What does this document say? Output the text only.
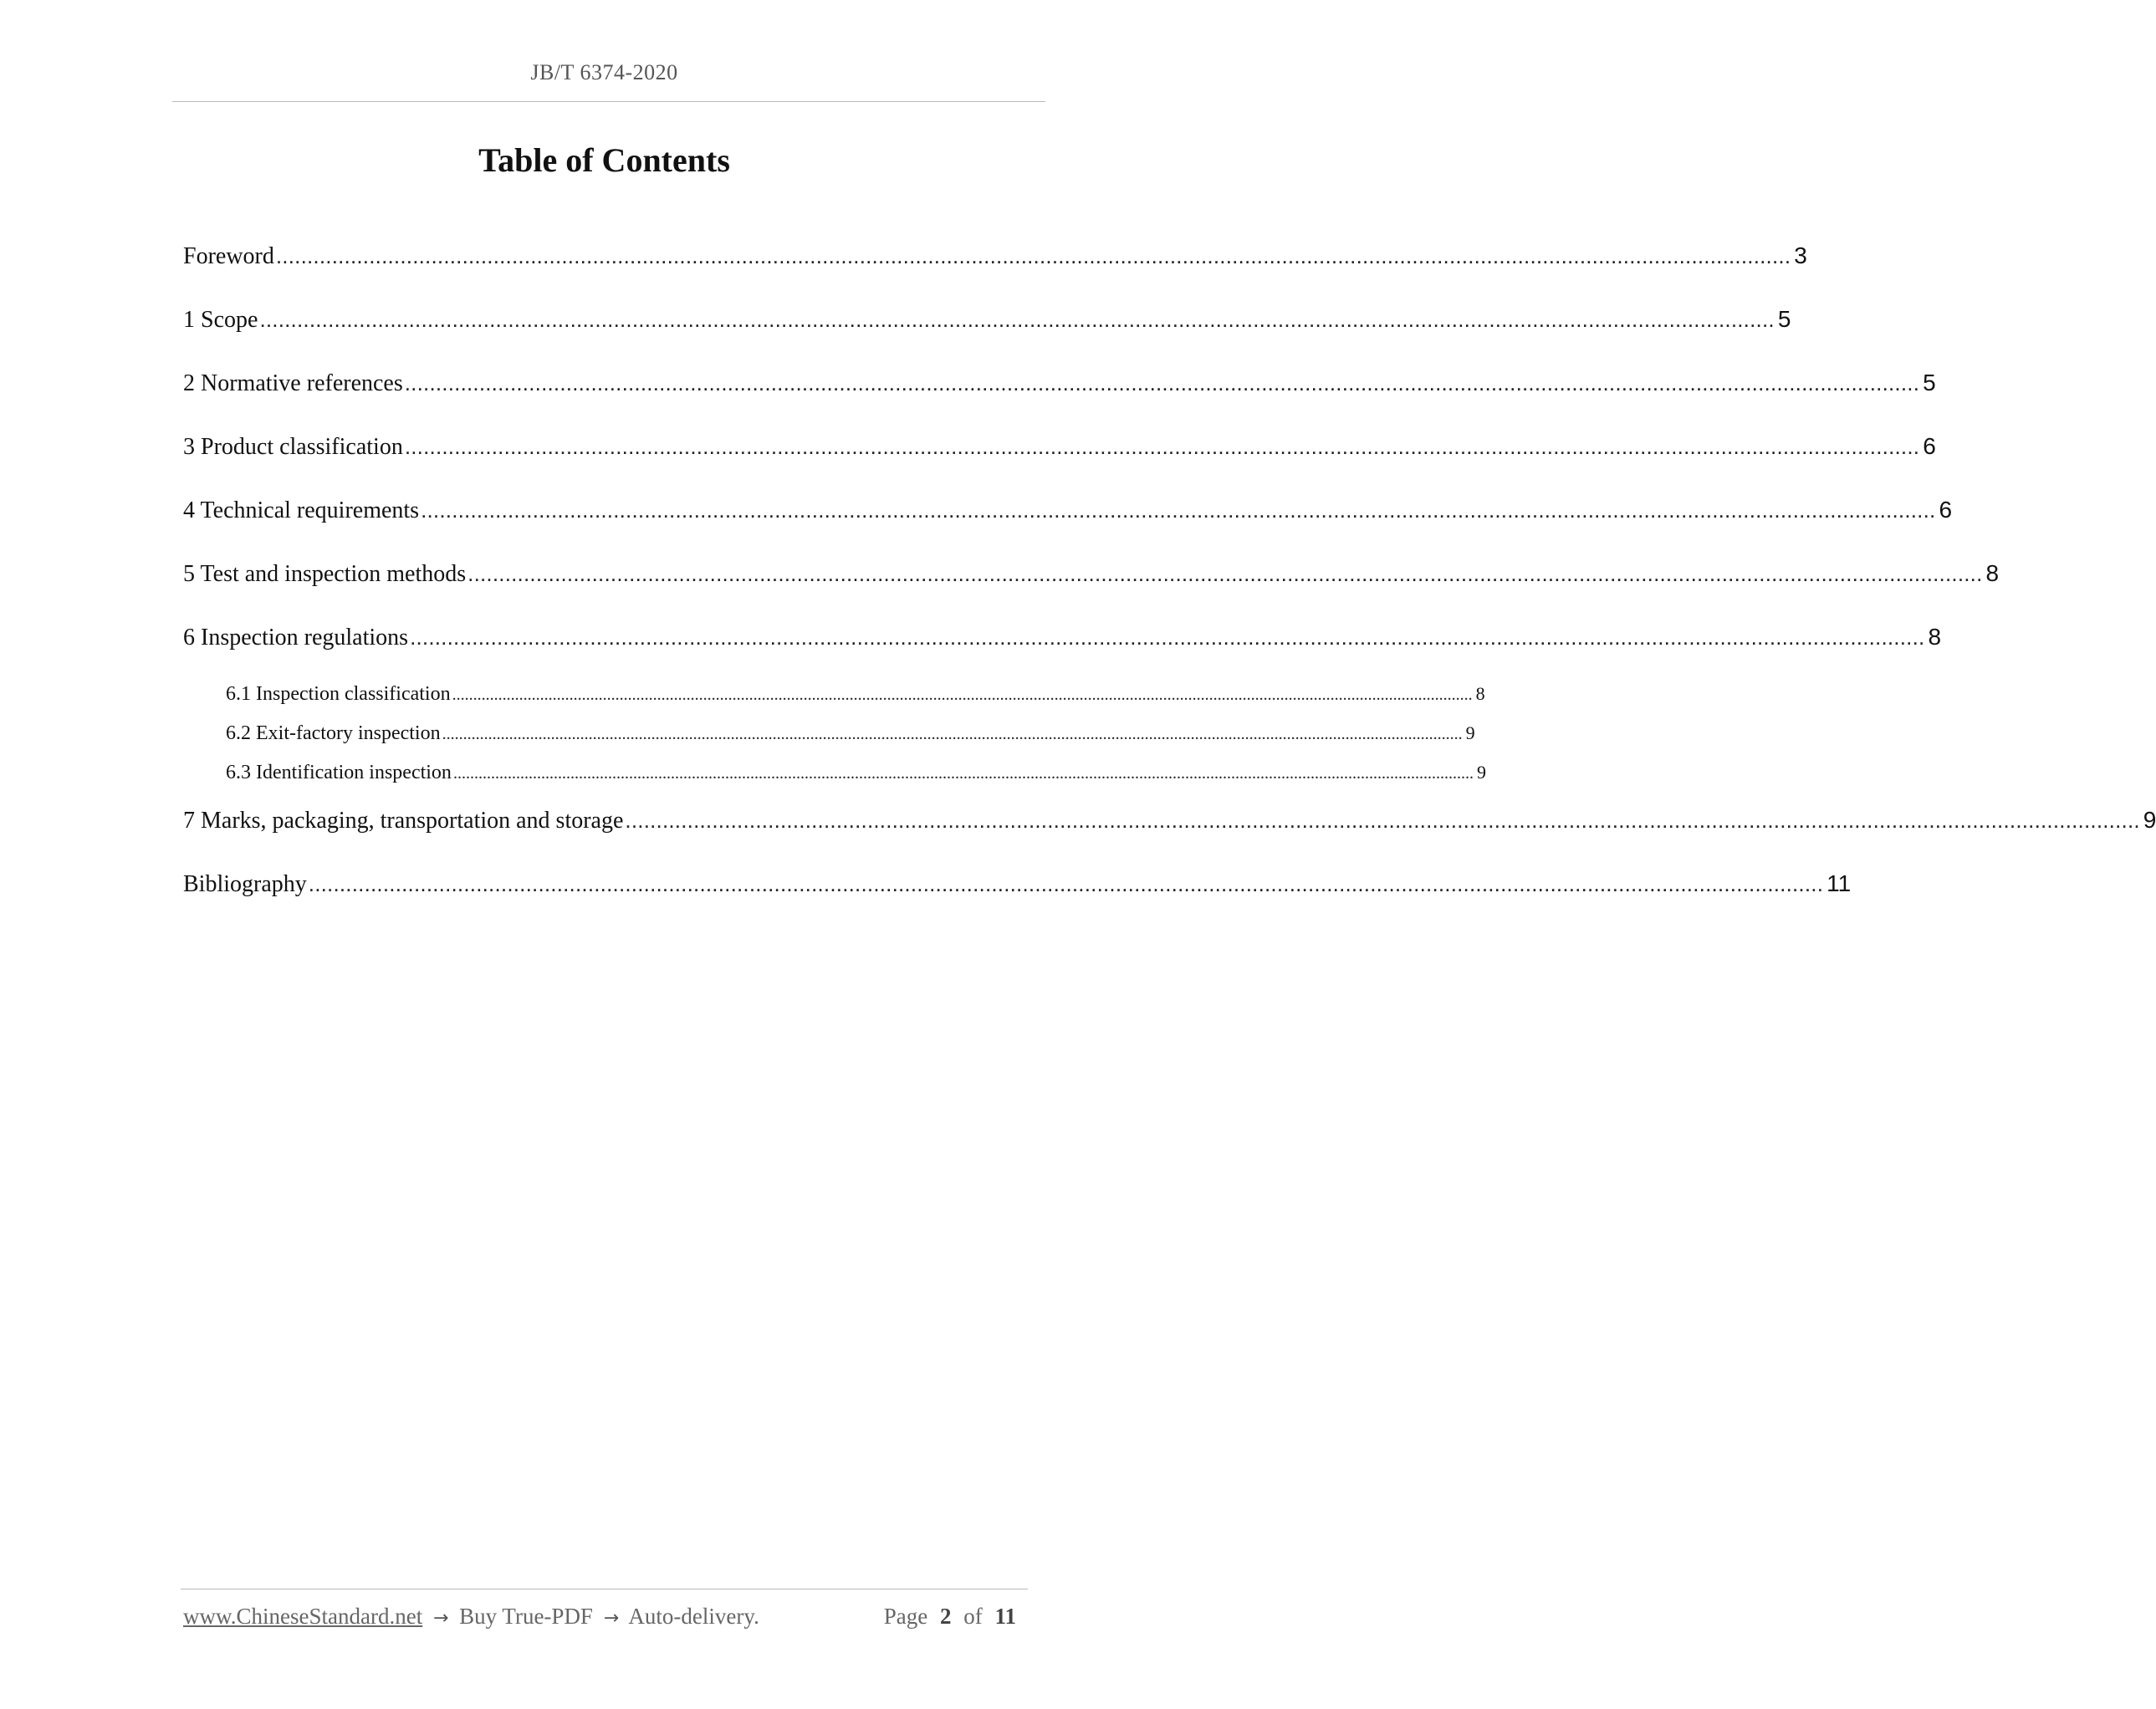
JB/T 6374-2020
Table of Contents
Foreword .................................................................................................................................................................................................................................................... 3
1 Scope .................................................................................................................................................................................................................................................... 5
2 Normative references .................................................................................................................................................................................................................................................... 5
3 Product classification .................................................................................................................................................................................................................................................... 6
4 Technical requirements .................................................................................................................................................................................................................................................... 6
5 Test and inspection methods .................................................................................................................................................................................................................................................... 8
6 Inspection regulations .................................................................................................................................................................................................................................................... 8
6.1 Inspection classification .................................................................................................................................................................................................................................................... 8
6.2 Exit-factory inspection .................................................................................................................................................................................................................................................... 9
6.3 Identification inspection .................................................................................................................................................................................................................................................... 9
7 Marks, packaging, transportation and storage .................................................................................................................................................................................................................................................... 9
Bibliography .................................................................................................................................................................................................................................................... 11
www.ChineseStandard.net → Buy True-PDF → Auto-delivery.	Page 2 of 11
